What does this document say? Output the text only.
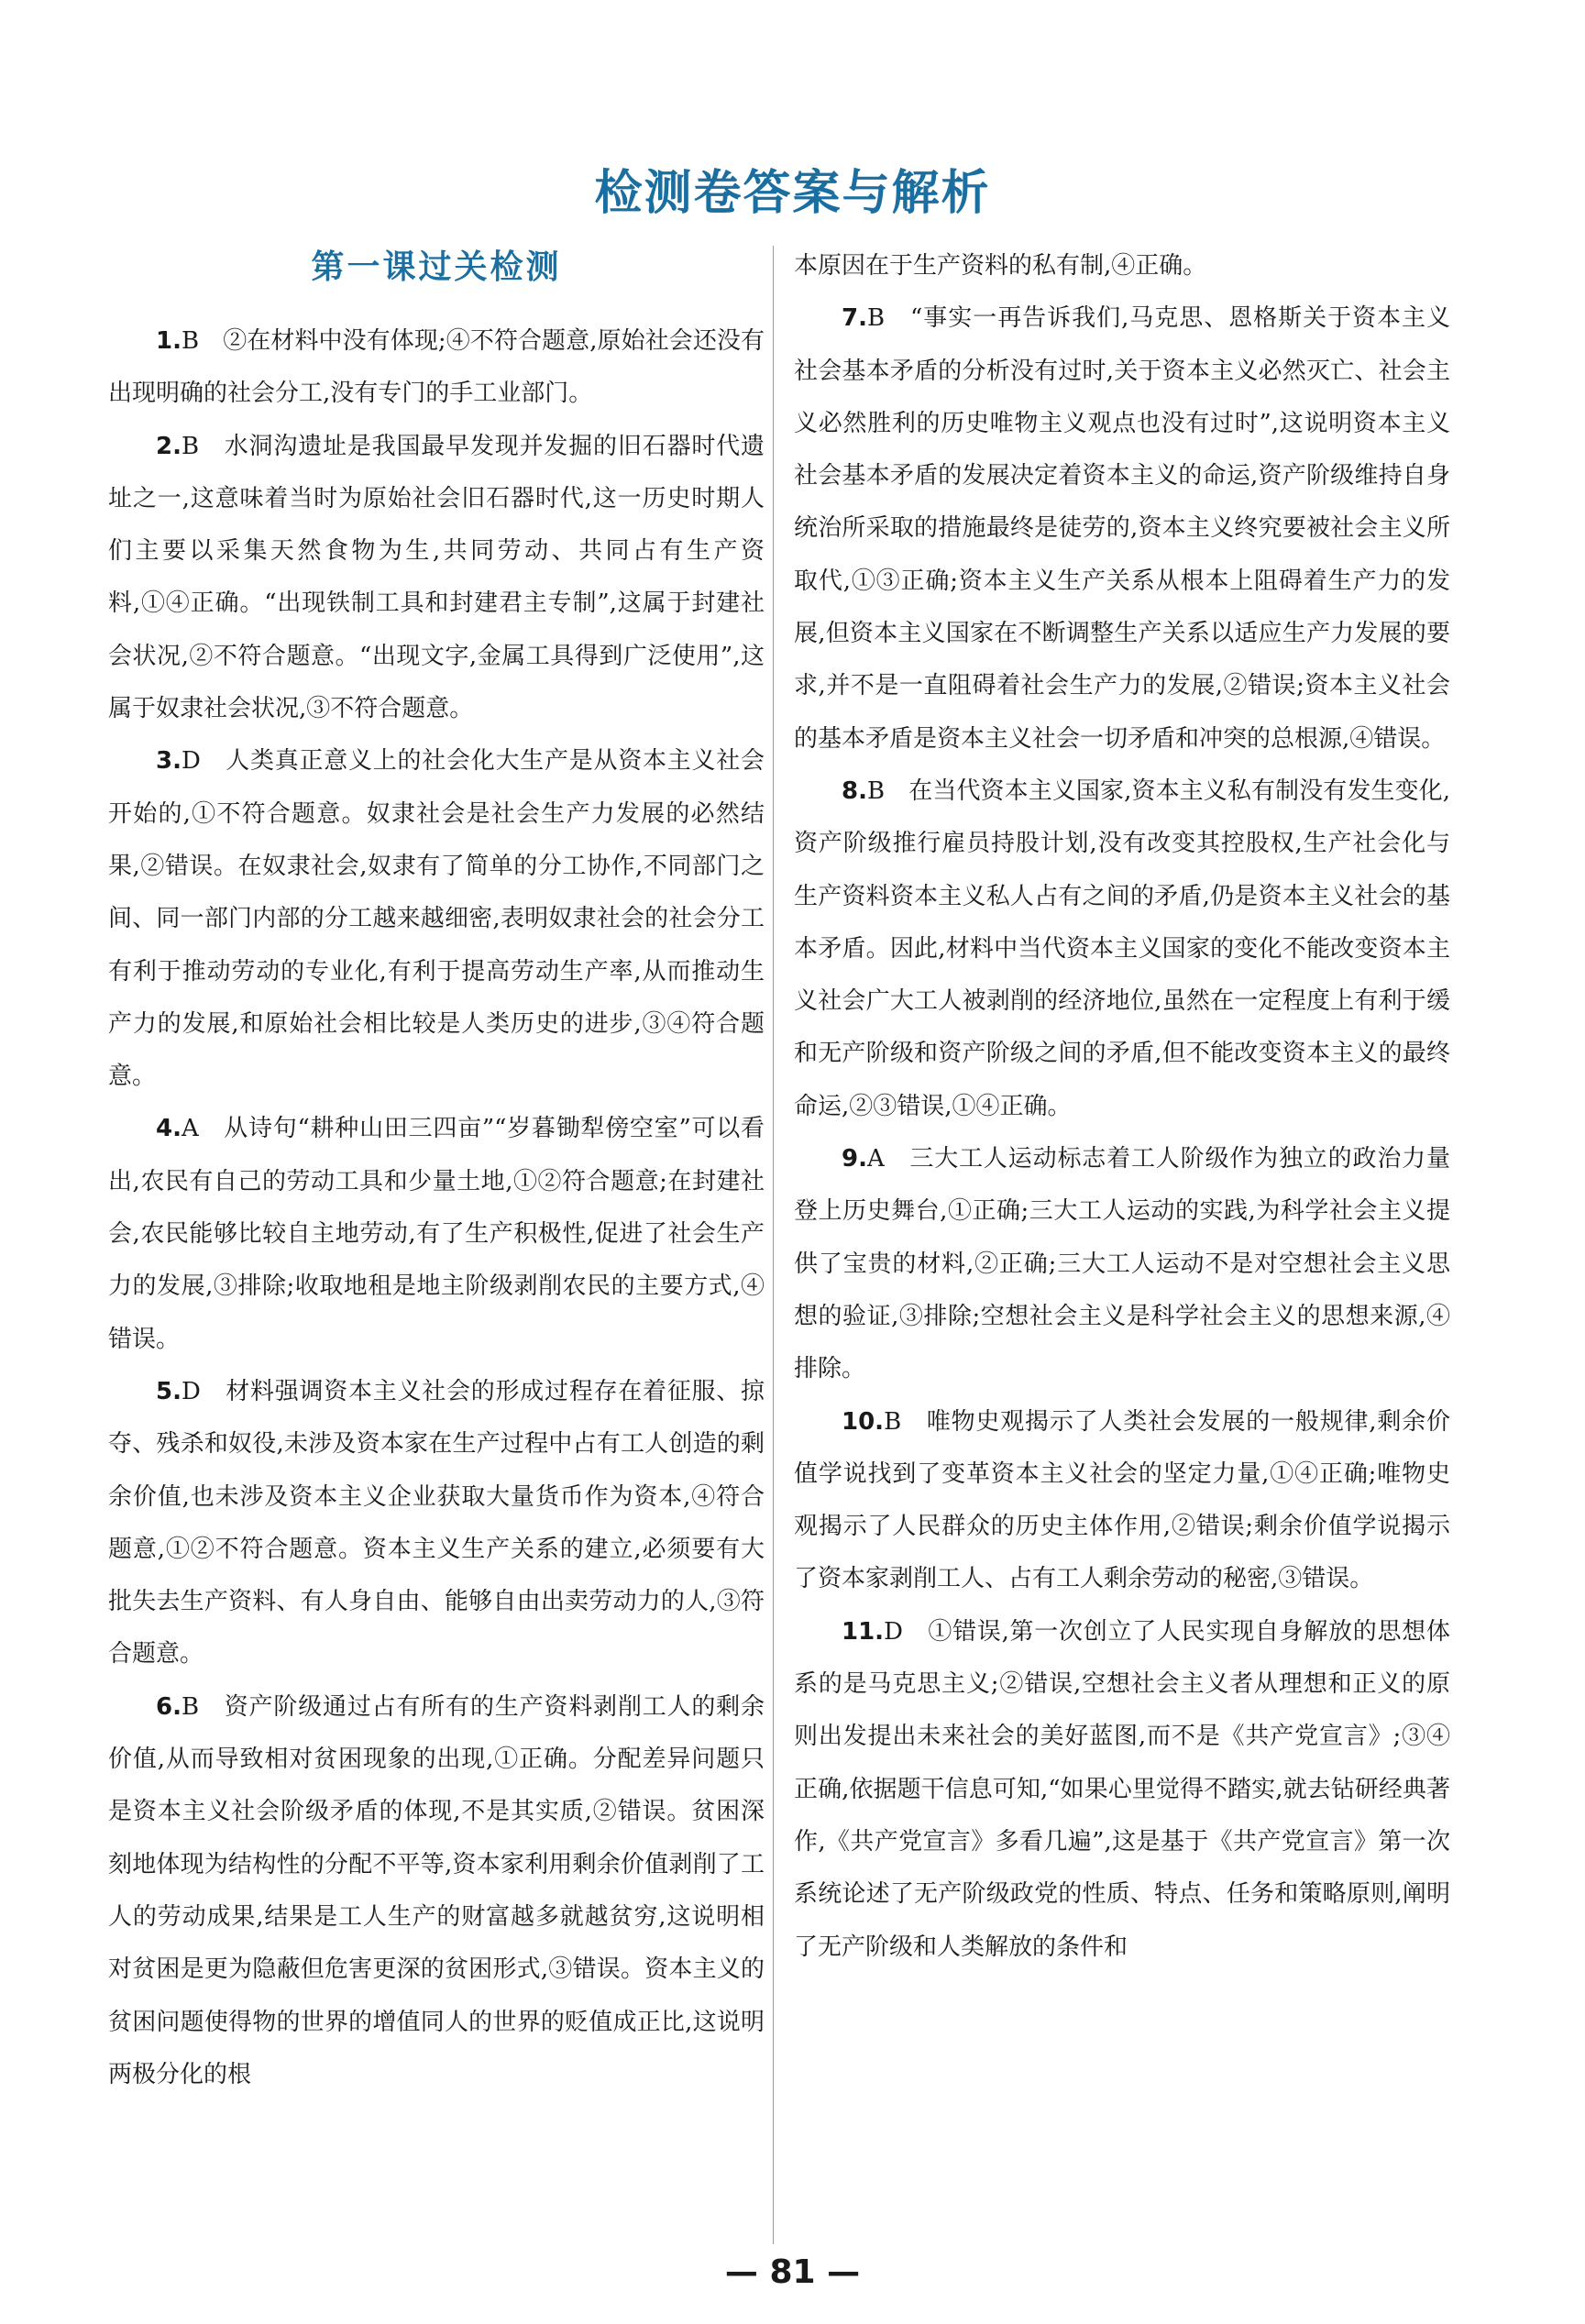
检测卷答案与解析
第一课过关检测

1.B　②在材料中没有体现;④不符合题意,原始社会还没有出现明确的社会分工,没有专门的手工业部门。

2.B　水洞沟遗址是我国最早发现并发掘的旧石器时代遗址之一,这意味着当时为原始社会旧石器时代,这一历史时期人们主要以采集天然食物为生,共同劳动、共同占有生产资料,①④正确。“出现铁制工具和封建君主专制”,这属于封建社会状况,②不符合题意。“出现文字,金属工具得到广泛使用”,这属于奴隶社会状况,③不符合题意。

3.D　人类真正意义上的社会化大生产是从资本主义社会开始的,①不符合题意。奴隶社会是社会生产力发展的必然结果,②错误。在奴隶社会,奴隶有了简单的分工协作,不同部门之间、同一部门内部的分工越来越细密,表明奴隶社会的社会分工有利于推动劳动的专业化,有利于提高劳动生产率,从而推动生产力的发展,和原始社会相比较是人类历史的进步,③④符合题意。

4.A　从诗句“耕种山田三四亩”“岁暮锄犁傍空室”可以看出,农民有自己的劳动工具和少量土地,①②符合题意;在封建社会,农民能够比较自主地劳动,有了生产积极性,促进了社会生产力的发展,③排除;收取地租是地主阶级剥削农民的主要方式,④错误。

5.D　材料强调资本主义社会的形成过程存在着征服、掠夺、残杀和奴役,未涉及资本家在生产过程中占有工人创造的剩余价值,也未涉及资本主义企业获取大量货币作为资本,④符合题意,①②不符合题意。资本主义生产关系的建立,必须要有大批失去生产资料、有人身自由、能够自由出卖劳动力的人,③符合题意。

6.B　资产阶级通过占有所有的生产资料剥削工人的剩余价值,从而导致相对贫困现象的出现,①正确。分配差异问题只是资本主义社会阶级矛盾的体现,不是其实质,②错误。贫困深刻地体现为结构性的分配不平等,资本家利用剩余价值剥削了工人的劳动成果,结果是工人生产的财富越多就越贫穷,这说明相对贫困是更为隐蔽但危害更深的贫困形式,③错误。资本主义的贫困问题使得物的世界的增值同人的世界的贬值成正比,这说明两极分化的根

本原因在于生产资料的私有制,④正确。

7.B　“事实一再告诉我们,马克思、恩格斯关于资本主义社会基本矛盾的分析没有过时,关于资本主义必然灭亡、社会主义必然胜利的历史唯物主义观点也没有过时”,这说明资本主义社会基本矛盾的发展决定着资本主义的命运,资产阶级维持自身统治所采取的措施最终是徒劳的,资本主义终究要被社会主义所取代,①③正确;资本主义生产关系从根本上阻碍着生产力的发展,但资本主义国家在不断调整生产关系以适应生产力发展的要求,并不是一直阻碍着社会生产力的发展,②错误;资本主义社会的基本矛盾是资本主义社会一切矛盾和冲突的总根源,④错误。

8.B　在当代资本主义国家,资本主义私有制没有发生变化,资产阶级推行雇员持股计划,没有改变其控股权,生产社会化与生产资料资本主义私人占有之间的矛盾,仍是资本主义社会的基本矛盾。因此,材料中当代资本主义国家的变化不能改变资本主义社会广大工人被剥削的经济地位,虽然在一定程度上有利于缓和无产阶级和资产阶级之间的矛盾,但不能改变资本主义的最终命运,②③错误,①④正确。

9.A　三大工人运动标志着工人阶级作为独立的政治力量登上历史舞台,①正确;三大工人运动的实践,为科学社会主义提供了宝贵的材料,②正确;三大工人运动不是对空想社会主义思想的验证,③排除;空想社会主义是科学社会主义的思想来源,④排除。

10.B　唯物史观揭示了人类社会发展的一般规律,剩余价值学说找到了变革资本主义社会的坚定力量,①④正确;唯物史观揭示了人民群众的历史主体作用,②错误;剩余价值学说揭示了资本家剥削工人、占有工人剩余劳动的秘密,③错误。

11.D　①错误,第一次创立了人民实现自身解放的思想体系的是马克思主义;②错误,空想社会主义者从理想和正义的原则出发提出未来社会的美好蓝图,而不是《共产党宣言》;③④正确,依据题干信息可知,“如果心里觉得不踏实,就去钻研经典著作,《共产党宣言》多看几遍”,这是基于《共产党宣言》第一次系统论述了无产阶级政党的性质、特点、任务和策略原则,阐明了无产阶级和人类解放的条件和

— 81 —
